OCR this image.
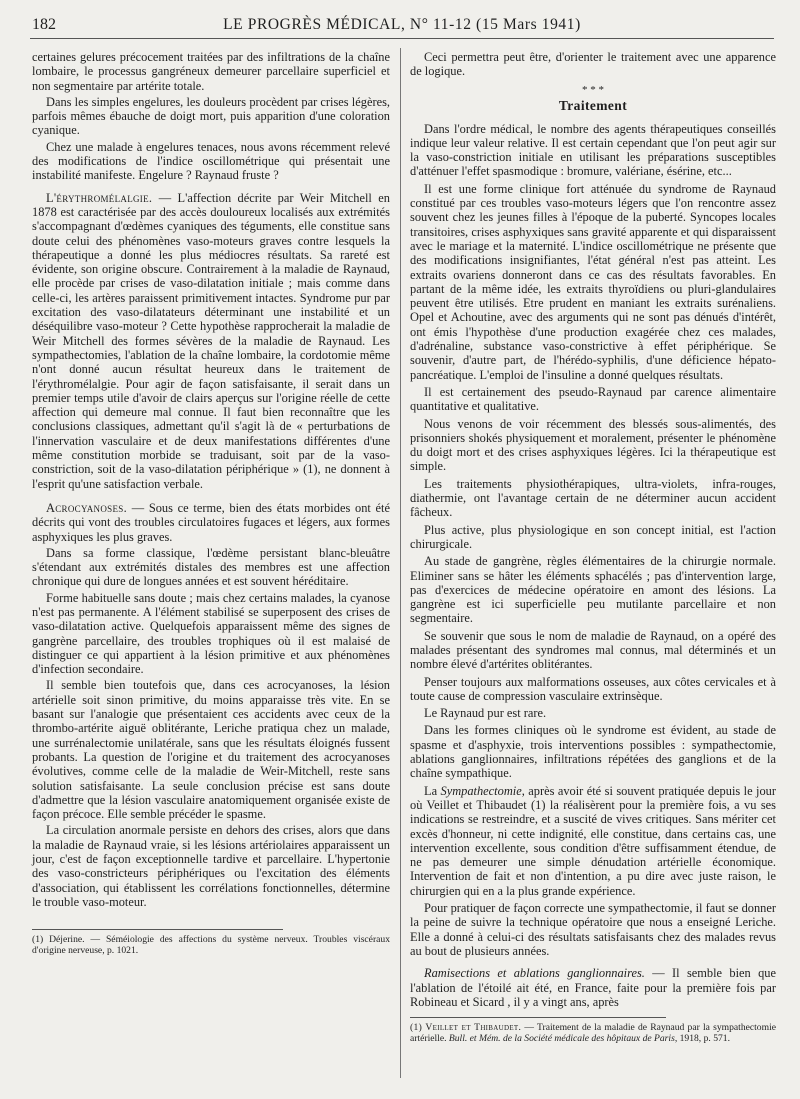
182	LE PROGRÈS MÉDICAL, N° 11-12 (15 Mars 1941)

certaines gelures précocement traitées par des infiltrations de la chaîne lombaire, le processus gangréneux demeurer parcellaire superficiel et non segmentaire par artérite totale.

Dans les simples engelures, les douleurs procèdent par crises légères, parfois mêmes ébauche de doigt mort, puis apparition d'une coloration cyanique.

Chez une malade à engelures tenaces, nous avons récemment relevé des modifications de l'indice oscillométrique qui présentait une instabilité manifeste. Engelure ? Raynaud fruste ?

L'érythromélalgie. — L'affection décrite par Weir Mitchell en 1878 est caractérisée par des accès douloureux localisés aux extrémités s'accompagnant d'œdèmes cyaniques des téguments, elle constitue sans doute celui des phénomènes vaso-moteurs graves contre lesquels la thérapeutique a donné les plus médiocres résultats. Sa rareté est évidente, son origine obscure. Contrairement à la maladie de Raynaud, elle procède par crises de vaso-dilatation initiale ; mais comme dans celle-ci, les artères paraissent primitivement intactes. Syndrome pur par excitation des vaso-dilatateurs déterminant une instabilité et un déséquilibre vaso-moteur ? Cette hypothèse rapprocherait la maladie de Weir Mitchell des formes sévères de la maladie de Raynaud. Les sympathectomies, l'ablation de la chaîne lombaire, la cordotomie même n'ont donné aucun résultat heureux dans le traitement de l'érythromélalgie. Pour agir de façon satisfaisante, il serait dans un premier temps utile d'avoir de clairs aperçus sur l'origine réelle de cette affection qui demeure mal connue. Il faut bien reconnaître que les conclusions classiques, admettant qu'il s'agit là de « perturbations de l'innervation vasculaire et de deux manifestations différentes d'une même constitution morbide se traduisant, soit par de la vaso-constriction, soit de la vaso-dilatation périphérique » (1), ne donnent à l'esprit qu'une satisfaction verbale.

Acrocyanoses. — Sous ce terme, bien des états morbides ont été décrits qui vont des troubles circulatoires fugaces et légers, aux formes asphyxiques les plus graves.

Dans sa forme classique, l'œdème persistant blanc-bleuâtre s'étendant aux extrémités distales des membres est une affection chronique qui dure de longues années et est souvent héréditaire.

Forme habituelle sans doute ; mais chez certains malades, la cyanose n'est pas permanente. A l'élément stabilisé se superposent des crises de vaso-dilatation active. Quelquefois apparaissent même des signes de gangrène parcellaire, des troubles trophiques où il est malaisé de distinguer ce qui appartient à la lésion primitive et aux phénomènes d'infection secondaire.

Il semble bien toutefois que, dans ces acrocyanoses, la lésion artérielle soit sinon primitive, du moins apparaisse très vite. En se basant sur l'analogie que présentaient ces accidents avec ceux de la thrombo-artérite aiguë oblitérante, Leriche pratiqua chez un malade, une surrénalectomie unilatérale, sans que les résultats éloignés fussent probants. La question de l'origine et du traitement des acrocyanoses évolutives, comme celle de la maladie de Weir-Mitchell, reste sans solution satisfaisante. La seule conclusion précise est sans doute d'admettre que la lésion vasculaire anatomiquement organisée existe de façon précoce. Elle semble précéder le spasme.

La circulation anormale persiste en dehors des crises, alors que dans la maladie de Raynaud vraie, si les lésions artériolaires apparaissent un jour, c'est de façon exceptionnelle tardive et parcellaire. L'hypertonie des vaso-constricteurs périphériques ou l'excitation des éléments d'association, qui établissent les corrélations fonctionnelles, détermine le trouble vaso-moteur.

(1) Déjerine. — Séméiologie des affections du système nerveux. Troubles viscéraux d'origine nerveuse, p. 1021.

Ceci permettra peut être, d'orienter le traitement avec une apparence de logique.

* * *
Traitement

Dans l'ordre médical, le nombre des agents thérapeutiques conseillés indique leur valeur relative. Il est certain cependant que l'on peut agir sur la vaso-constriction initiale en utilisant les préparations susceptibles d'atténuer l'effet spasmodique : bromure, valériane, ésérine, etc...

Il est une forme clinique fort atténuée du syndrome de Raynaud constitué par ces troubles vaso-moteurs légers que l'on rencontre assez souvent chez les jeunes filles à l'époque de la puberté. Syncopes locales transitoires, crises asphyxiques sans gravité apparente et qui disparaissent avec le mariage et la maternité. L'indice oscillométrique ne présente que des modifications insignifiantes, l'état général n'est pas atteint. Les extraits ovariens donneront dans ce cas des résultats favorables. En partant de la même idée, les extraits thyroïdiens ou pluri-glandulaires peuvent être utilisés. Etre prudent en maniant les extraits surénaliens. Opel et Achoutine, avec des arguments qui ne sont pas dénués d'intérêt, ont émis l'hypothèse d'une production exagérée chez ces malades, d'adrénaline, substance vaso-constrictive à effet périphérique. Se souvenir, d'autre part, de l'hérédo-syphilis, d'une déficience hépato-pancréatique. L'emploi de l'insuline a donné quelques résultats.

Il est certainement des pseudo-Raynaud par carence alimentaire quantitative et qualitative.

Nous venons de voir récemment des blessés sous-alimentés, des prisonniers shokés physiquement et moralement, présenter le phénomène du doigt mort et des crises asphyxiques légères. Ici la thérapeutique est simple.

Les traitements physiothérapiques, ultra-violets, infra-rouges, diathermie, ont l'avantage certain de ne déterminer aucun accident fâcheux.

Plus active, plus physiologique en son concept initial, est l'action chirurgicale.

Au stade de gangrène, règles élémentaires de la chirurgie normale. Eliminer sans se hâter les éléments sphacélés ; pas d'intervention large, pas d'exercices de médecine opératoire en amont des lésions. La gangrène est ici superficielle peu mutilante parcellaire et non segmentaire.

Se souvenir que sous le nom de maladie de Raynaud, on a opéré des malades présentant des syndromes mal connus, mal déterminés et un nombre élevé d'artérites oblitérantes.

Penser toujours aux malformations osseuses, aux côtes cervicales et à toute cause de compression vasculaire extrinsèque.

Le Raynaud pur est rare.

Dans les formes cliniques où le syndrome est évident, au stade de spasme et d'asphyxie, trois interventions possibles : sympathectomie, ablations ganglionnaires, infiltrations répétées des ganglions et de la chaîne sympathique.

La Sympathectomie, après avoir été si souvent pratiquée depuis le jour où Veillet et Thibaudet (1) la réalisèrent pour la première fois, a vu ses indications se restreindre, et a suscité de vives critiques. Sans mériter cet excès d'honneur, ni cette indignité, elle constitue, dans certains cas, une intervention excellente, sous condition d'être suffisamment étendue, de ne pas demeurer une simple dénudation artérielle économique. Intervention de fait et non d'intention, a pu dire avec juste raison, le chirurgien qui en a la plus grande expérience.

Pour pratiquer de façon correcte une sympathectomie, il faut se donner la peine de suivre la technique opératoire que nous a enseigné Leriche. Elle a donné à celui-ci des résultats satisfaisants chez des malades revus au bout de plusieurs années.

Ramisections et ablations ganglionnaires. — Il semble bien que l'ablation de l'étoilé ait été, en France, faite pour la première fois par Robineau et Sicard , il y a vingt ans, après

(1) Veillet et Thibaudet. — Traitement de la maladie de Raynaud par la sympathectomie artérielle. Bull. et Mém. de la Société médicale des hôpitaux de Paris, 1918, p. 571.
